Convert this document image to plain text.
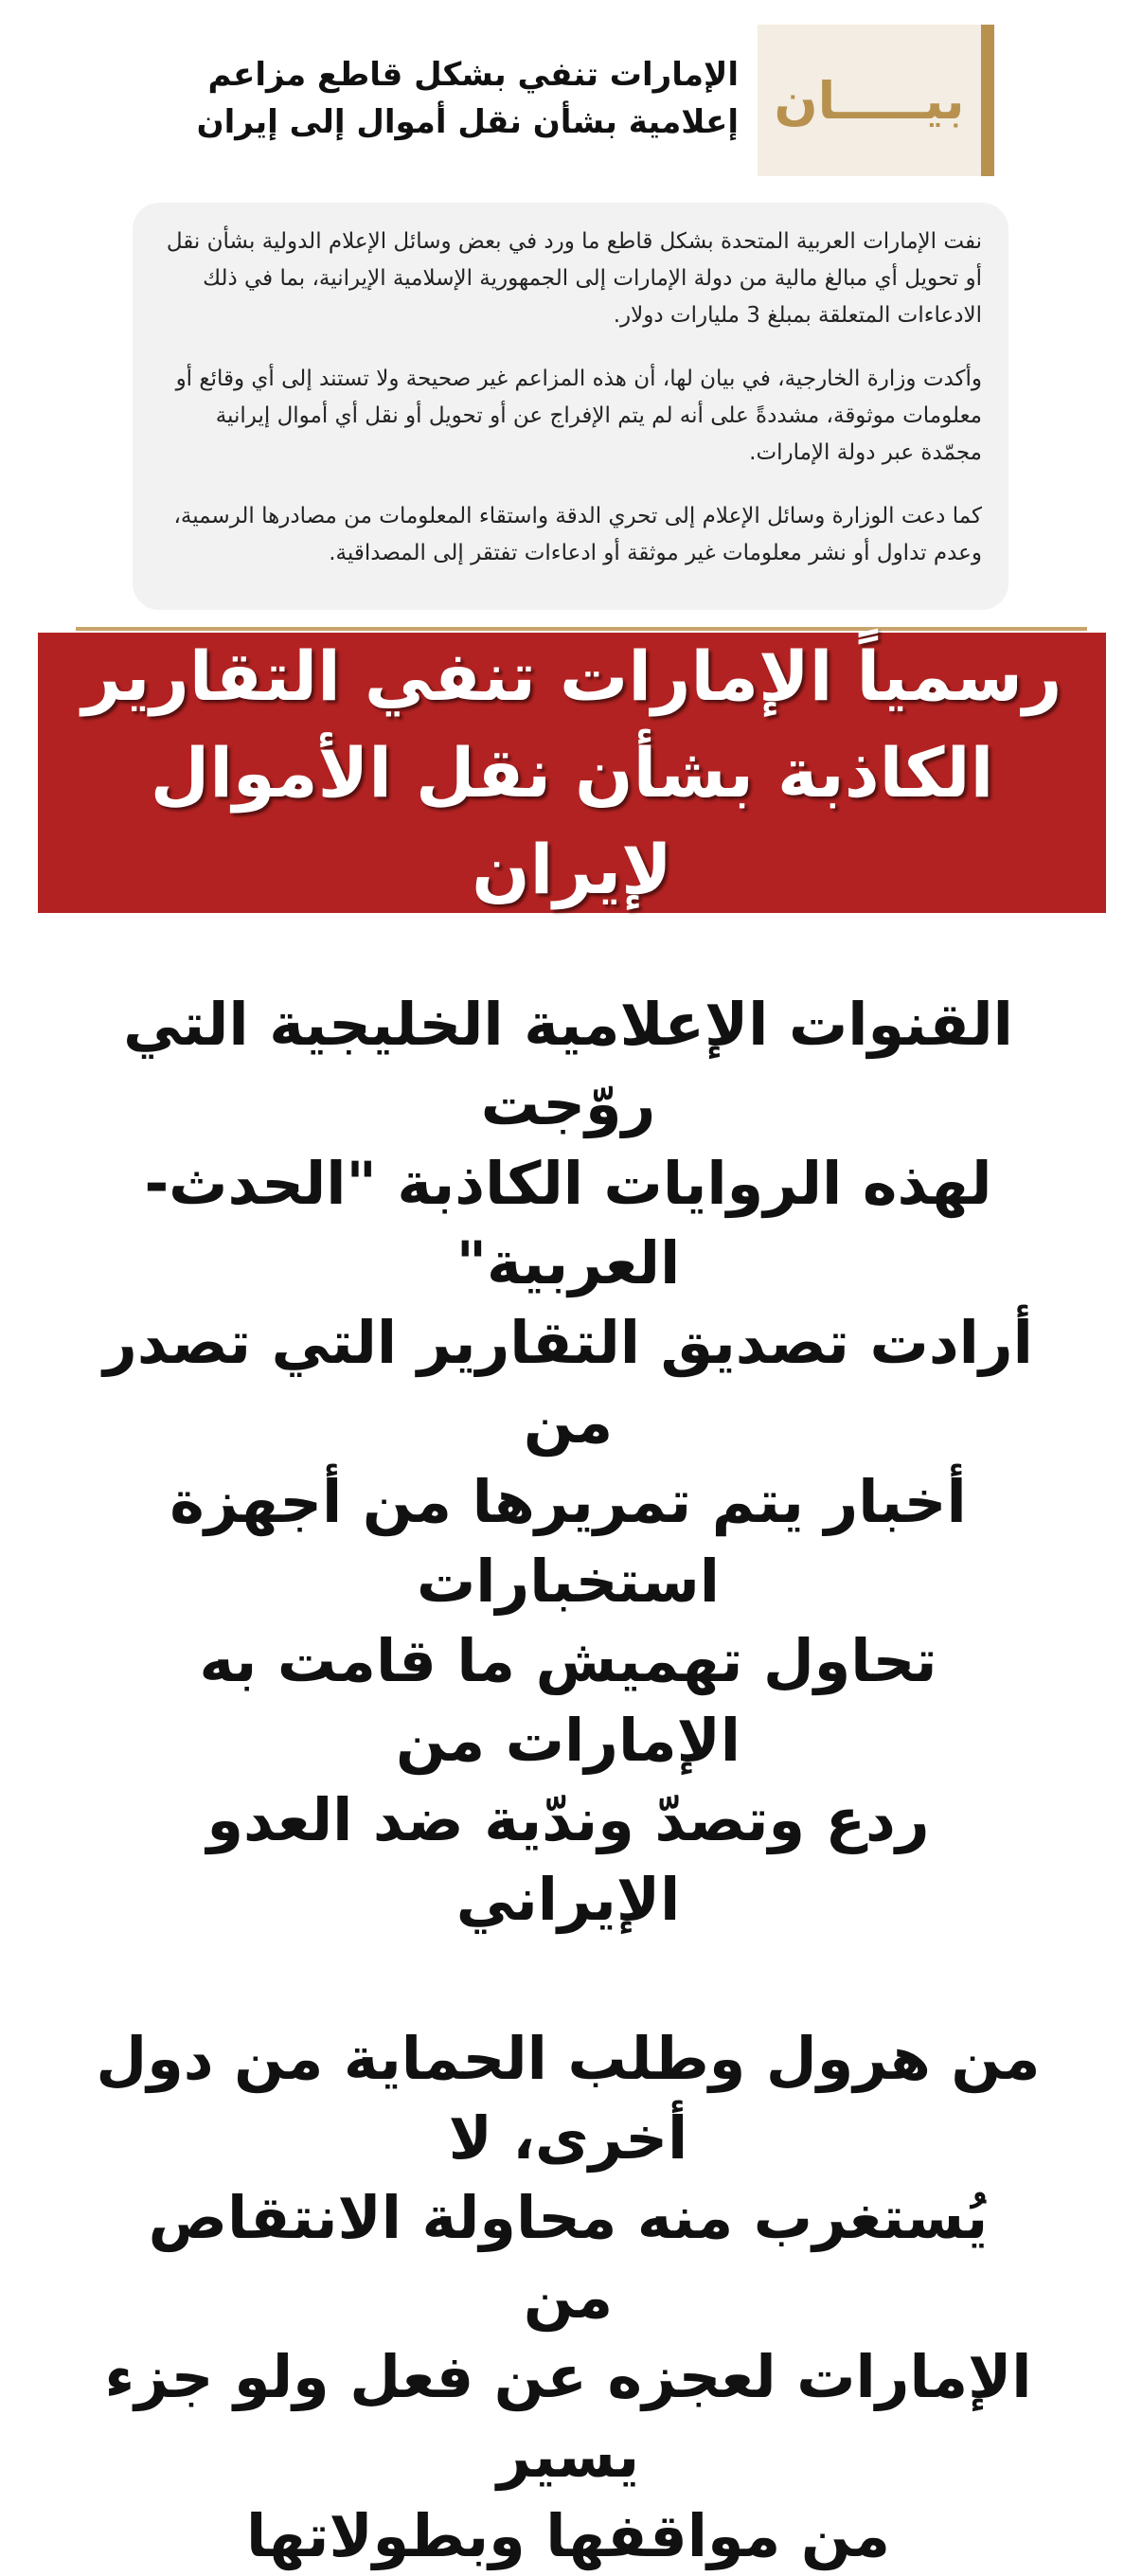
بيـــــان
الإمارات تنفي بشكل قاطع مزاعم إعلامية بشأن نقل أموال إلى إيران

نفت الإمارات العربية المتحدة بشكل قاطع ما ورد في بعض وسائل الإعلام الدولية بشأن نقل أو تحويل أي مبالغ مالية من دولة الإمارات إلى الجمهورية الإسلامية الإيرانية، بما في ذلك الادعاءات المتعلقة بمبلغ 3 مليارات دولار.

وأكدت وزارة الخارجية، في بيان لها، أن هذه المزاعم غير صحيحة ولا تستند إلى أي وقائع أو معلومات موثوقة، مشددةً على أنه لم يتم الإفراج عن أو تحويل أو نقل أي أموال إيرانية مجمّدة عبر دولة الإمارات.

كما دعت الوزارة وسائل الإعلام إلى تحري الدقة واستقاء المعلومات من مصادرها الرسمية، وعدم تداول أو نشر معلومات غير موثقة أو ادعاءات تفتقر إلى المصداقية.

رسمياً الإمارات تنفي التقارير
الكاذبة بشأن نقل الأموال لإيران

القنوات الإعلامية الخليجية التي روّجت

لهذه الروايات الكاذبة "الحدث-العربية"

أرادت تصديق التقارير التي تصدر من

أخبار يتم تمريرها من أجهزة استخبارات

تحاول تهميش ما قامت به الإمارات من

ردع وتصدّ وندّية ضد العدو الإيراني

من هرول وطلب الحماية من دول أخرى، لا

يُستغرب منه محاولة الانتقاص من

الإمارات لعجزه عن فعل ولو جزء يسير

من مواقفها وبطولاتها
